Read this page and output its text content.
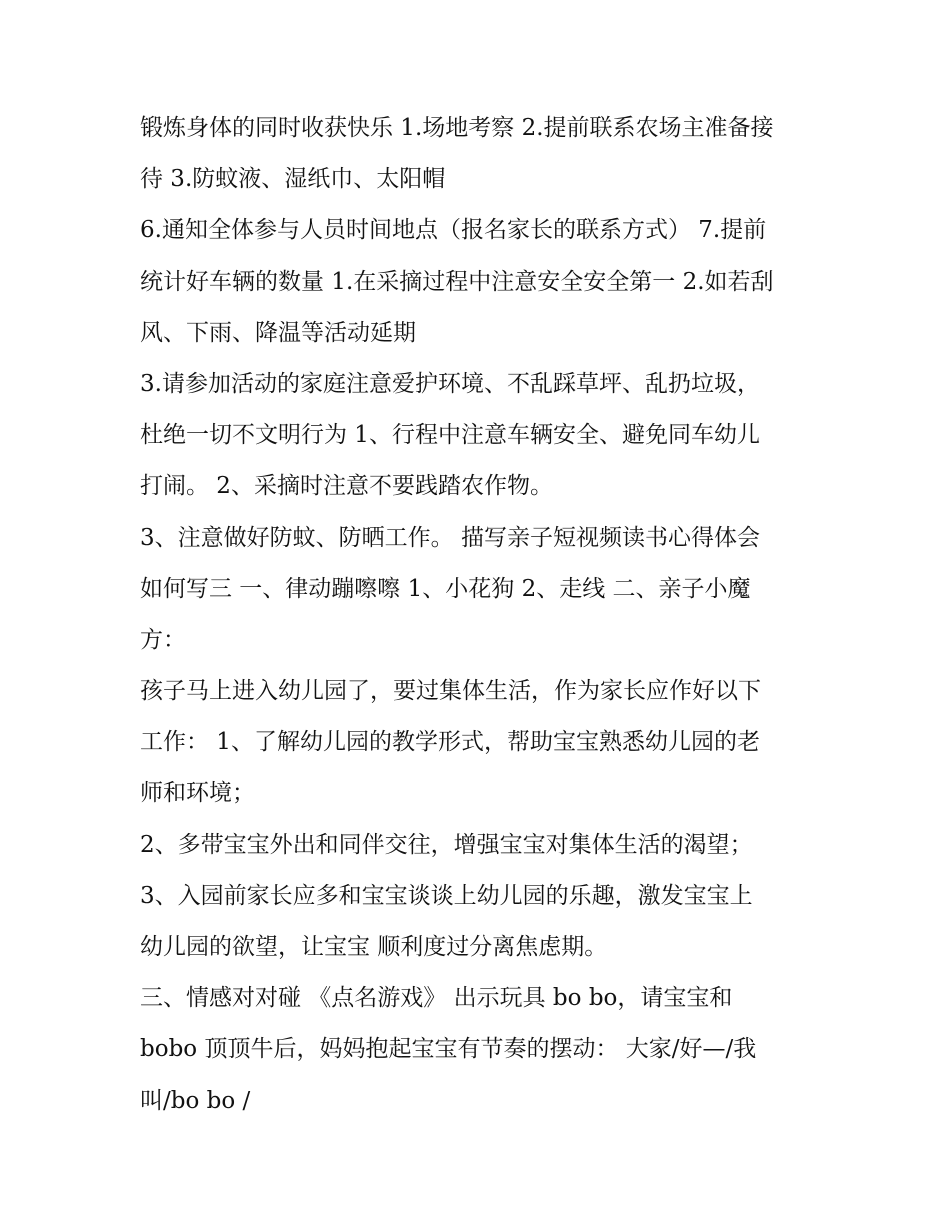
锻炼身体的同时收获快乐 1.场地考察 2.提前联系农场主准备接
待 3.防蚊液、湿纸巾、太阳帽
6.通知全体参与人员时间地点（报名家长的联系方式） 7.提前
统计好车辆的数量 1.在采摘过程中注意安全安全第一 2.如若刮
风、下雨、降温等活动延期
3.请参加活动的家庭注意爱护环境、不乱踩草坪、乱扔垃圾，
杜绝一切不文明行为 1、行程中注意车辆安全、避免同车幼儿
打闹。 2、采摘时注意不要践踏农作物。
3、注意做好防蚊、防晒工作。 描写亲子短视频读书心得体会
如何写三 一、律动蹦嚓嚓 1、小花狗 2、走线 二、亲子小魔
方：
孩子马上进入幼儿园了，要过集体生活，作为家长应作好以下
工作： 1、了解幼儿园的教学形式，帮助宝宝熟悉幼儿园的老
师和环境；
2、多带宝宝外出和同伴交往，增强宝宝对集体生活的渴望；
3、入园前家长应多和宝宝谈谈上幼儿园的乐趣，激发宝宝上
幼儿园的欲望，让宝宝 顺利度过分离焦虑期。
三、情感对对碰 《点名游戏》 出示玩具 bo bo，请宝宝和
bobo 顶顶牛后，妈妈抱起宝宝有节奏的摆动： 大家/好—/我
叫/bo bo /
